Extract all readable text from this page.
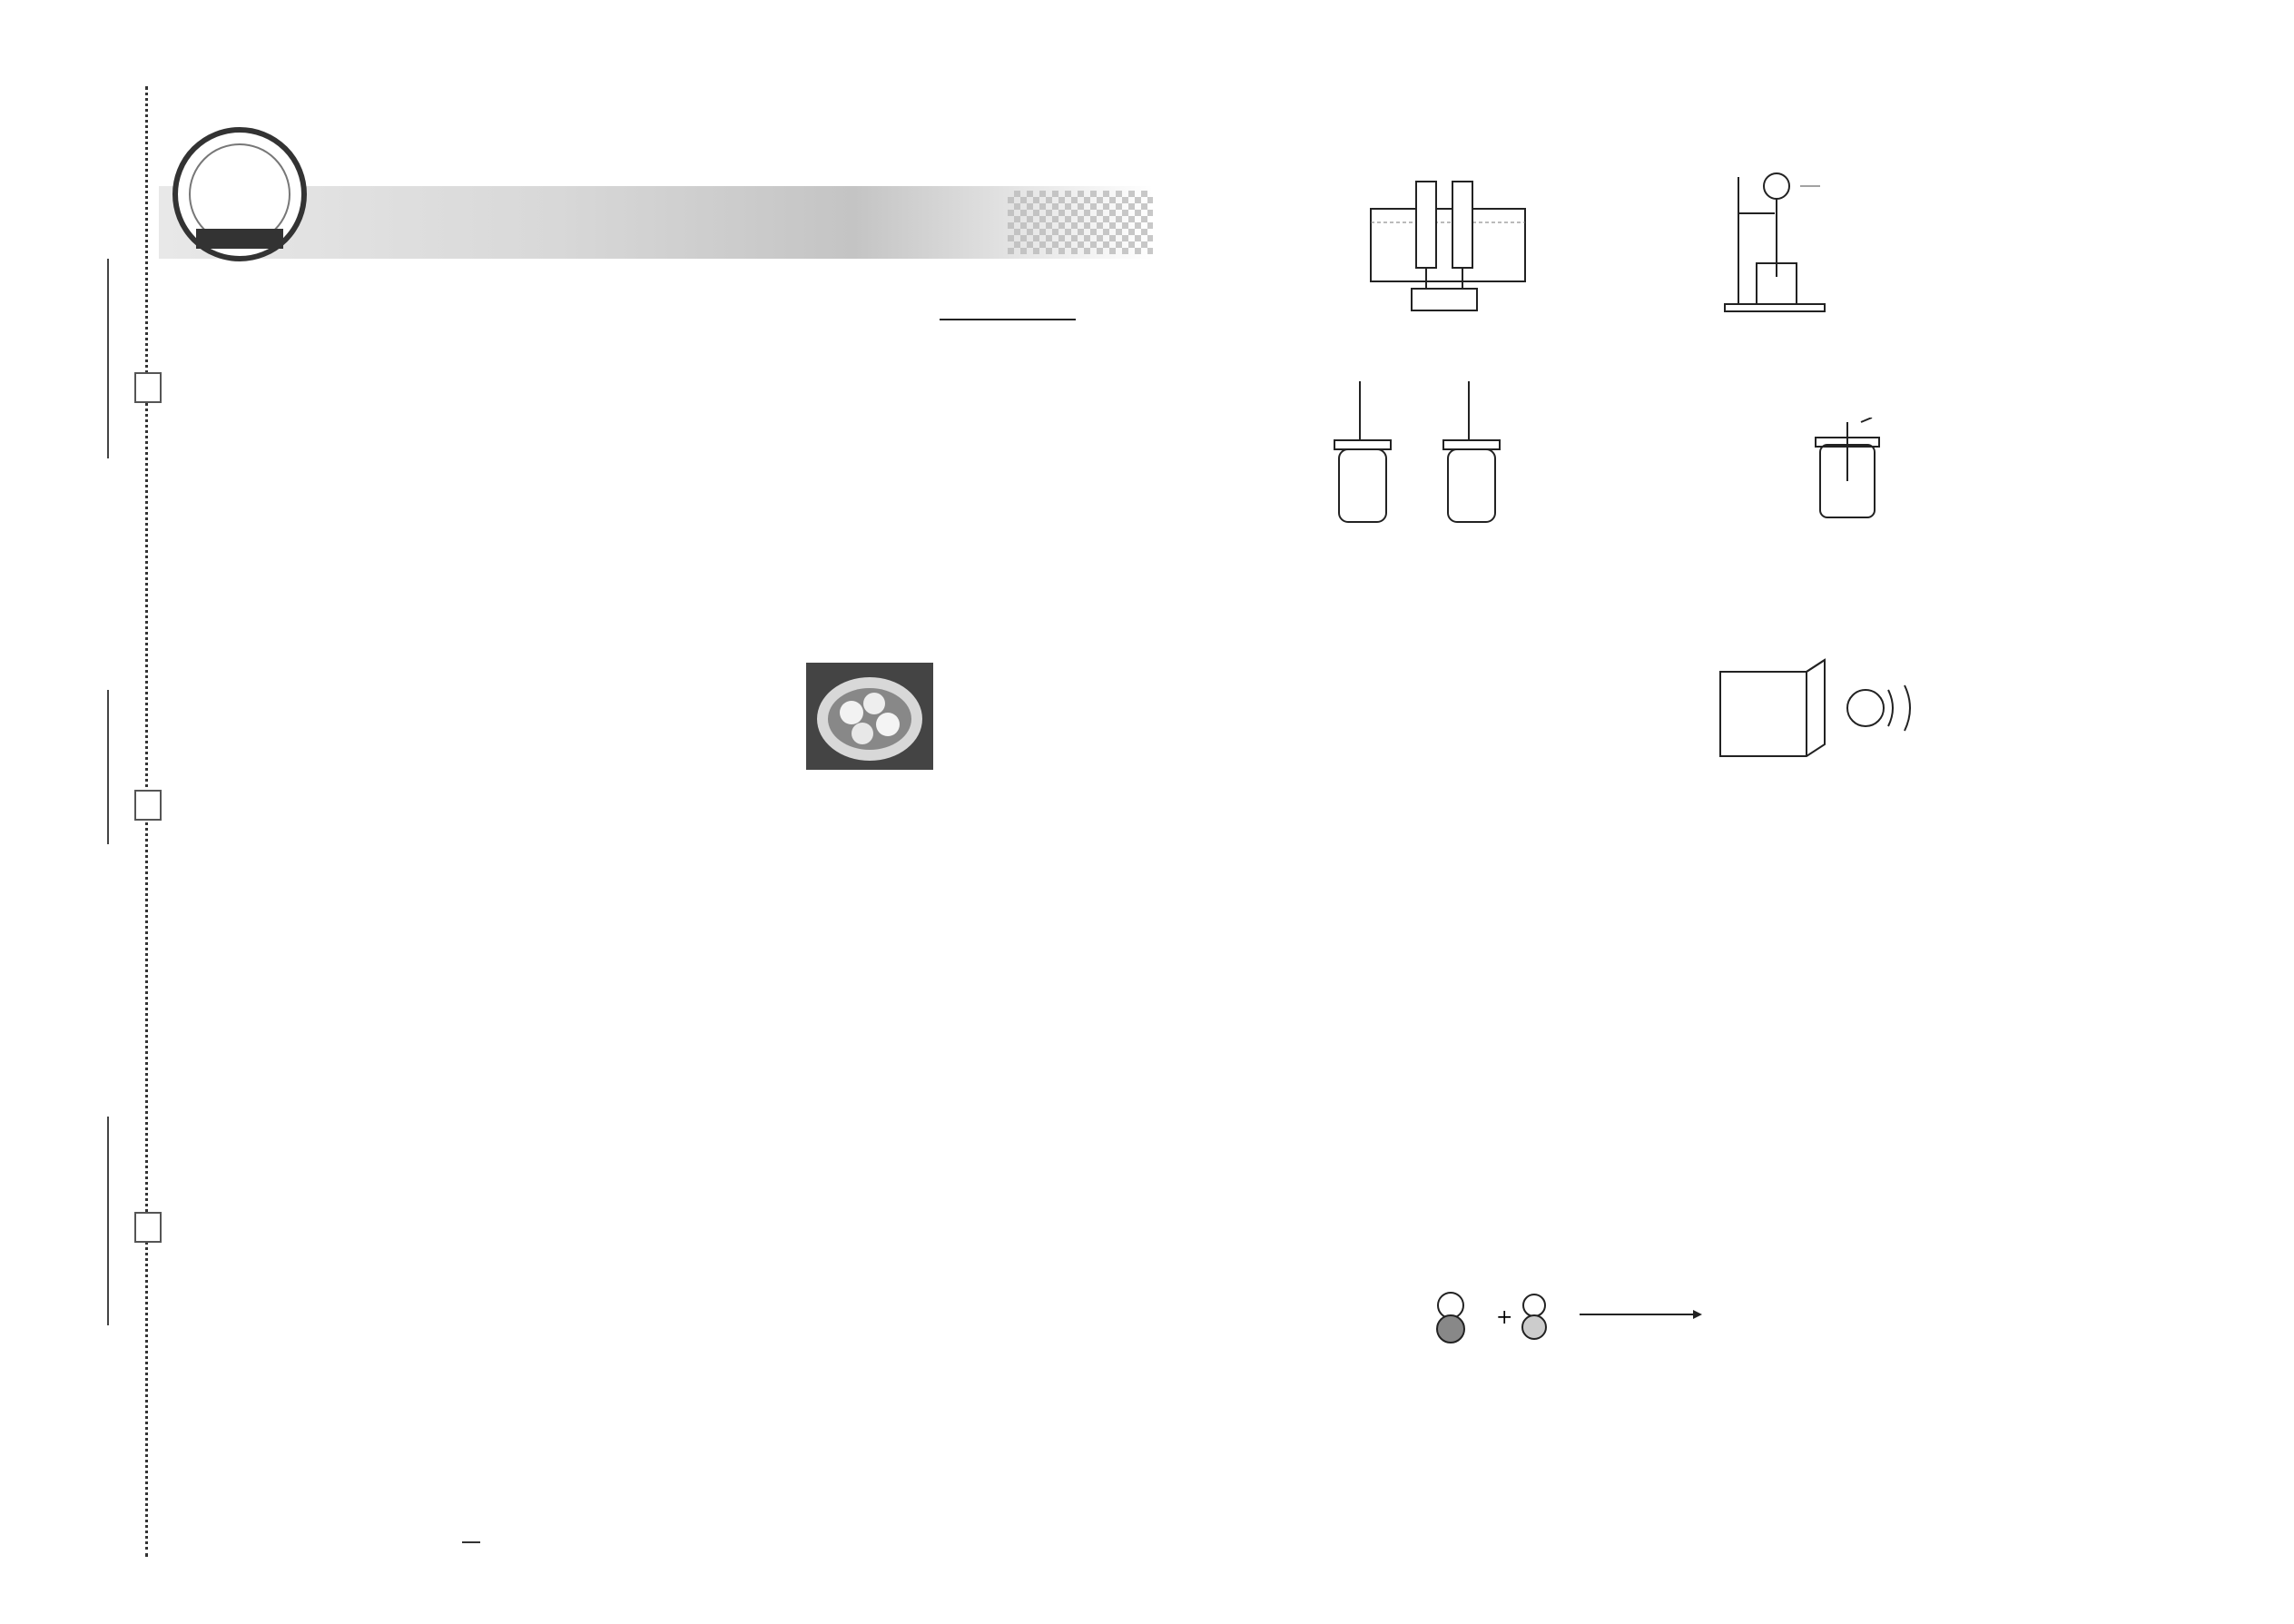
+
